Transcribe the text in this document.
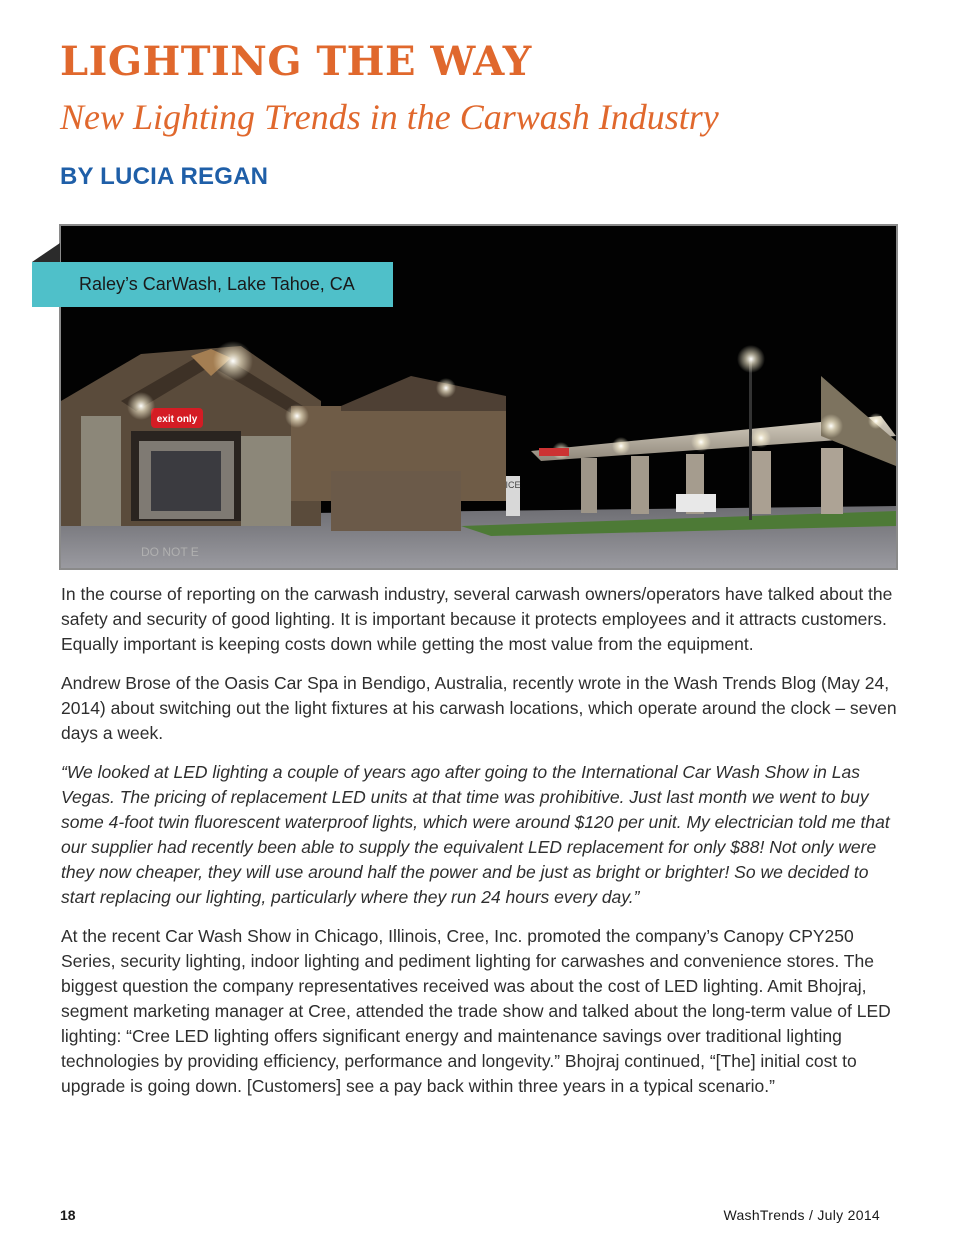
LIGHTING THE WAY
New Lighting Trends in the Carwash Industry
BY LUCIA REGAN
exit only
ICE
DO NOT E
Raley’s CarWash, Lake Tahoe, CA

In the course of reporting on the carwash industry, several carwash owners/operators have talked about the safety and security of good lighting. It is important because it protects employees and it attracts customers. Equally important is keeping costs down while getting the most value from the equipment.

Andrew Brose of the Oasis Car Spa in Bendigo, Australia, recently wrote in the Wash Trends Blog (May 24, 2014) about switching out the light fixtures at his carwash locations, which operate around the clock – seven days a week.

“We looked at LED lighting a couple of years ago after going to the International Car Wash Show in Las Vegas. The pricing of replacement LED units at that time was prohibitive. Just last month we went to buy some 4-foot twin fluorescent waterproof lights, which were around $120 per unit. My electrician told me that our supplier had recently been able to supply the equivalent LED replacement for only $88! Not only were they now cheaper, they will use around half the power and be just as bright or brighter! So we decided to start replacing our lighting, particularly where they run 24 hours every day.”

At the recent Car Wash Show in Chicago, Illinois, Cree, Inc. promoted the company’s Canopy CPY250 Series, security lighting, indoor lighting and pediment lighting for carwashes and convenience stores. The biggest question the company representatives received was about the cost of LED lighting. Amit Bhojraj, segment marketing manager at Cree, attended the trade show and talked about the long-term value of LED lighting: “Cree LED lighting offers significant energy and maintenance savings over traditional lighting technologies by providing efficiency, performance and longevity.” Bhojraj continued, “[The] initial cost to upgrade is going down. [Customers] see a pay back within three years in a typical scenario.”

18	WashTrends / July 2014
